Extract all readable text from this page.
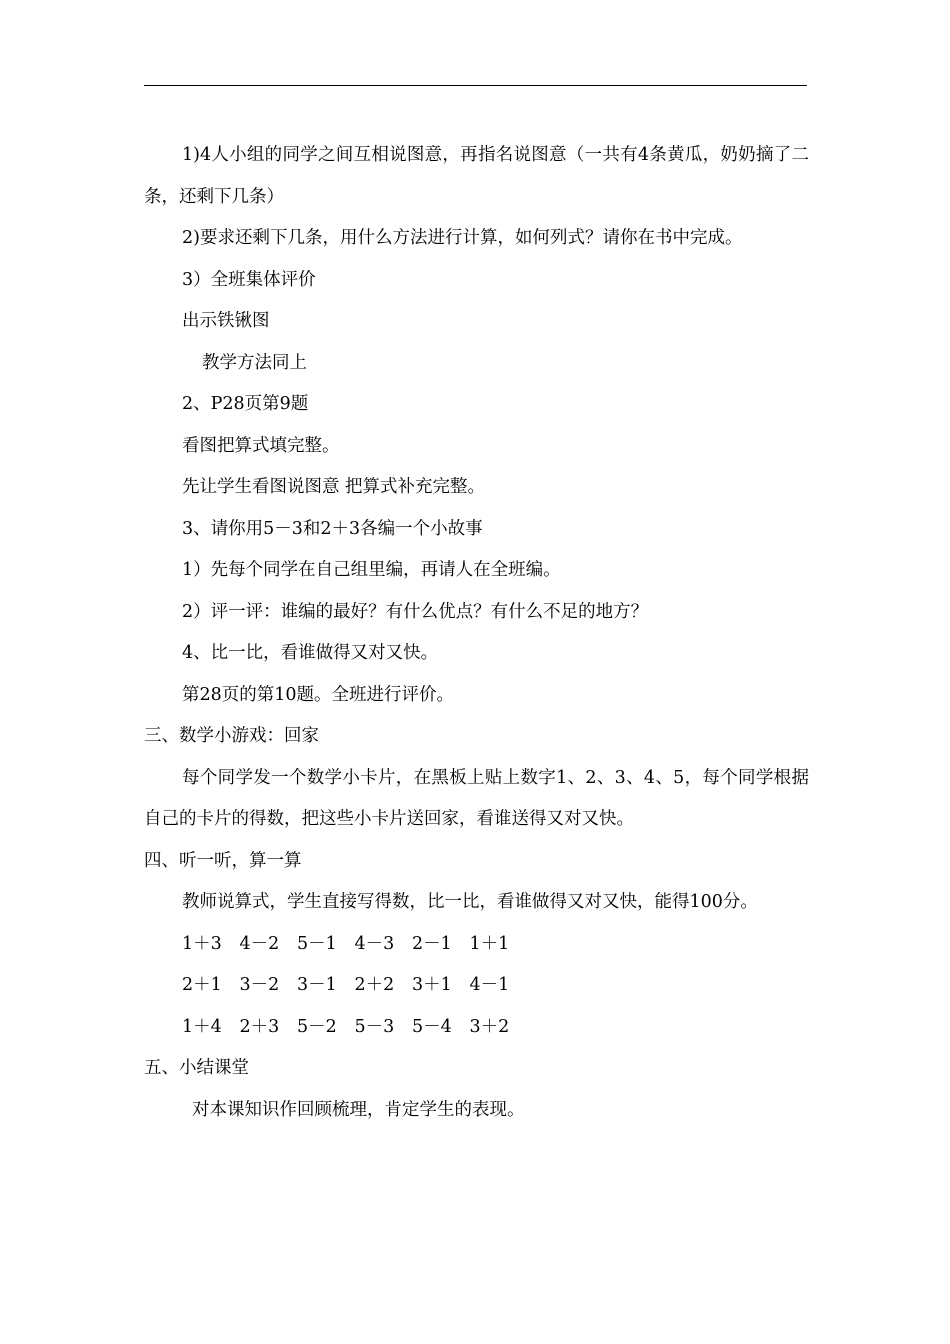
1)4人小组的同学之间互相说图意，再指名说图意（一共有4条黄瓜，奶奶摘了二条，还剩下几条）

2)要求还剩下几条，用什么方法进行计算，如何列式？请你在书中完成。

3）全班集体评价

出示铁锹图

教学方法同上

2、P28页第9题

看图把算式填完整。

先让学生看图说图意 把算式补充完整。

3、请你用5－3和2＋3各编一个小故事

1）先每个同学在自己组里编，再请人在全班编。

2）评一评：谁编的最好？有什么优点？有什么不足的地方？

4、比一比，看谁做得又对又快。

第28页的第10题。全班进行评价。

三、数学小游戏：回家

每个同学发一个数学小卡片，在黑板上贴上数字1、2、3、4、5，每个同学根据自己的卡片的得数，把这些小卡片送回家，看谁送得又对又快。

四、听一听，算一算

教师说算式，学生直接写得数，比一比，看谁做得又对又快，能得100分。

1＋3	4－2	5－1	4－3	2－1	1＋1
2＋1	3－2	3－1	2＋2	3＋1	4－1
1＋4	2＋3	5－2	5－3	5－4	3＋2

五、小结课堂

对本课知识作回顾梳理，肯定学生的表现。
